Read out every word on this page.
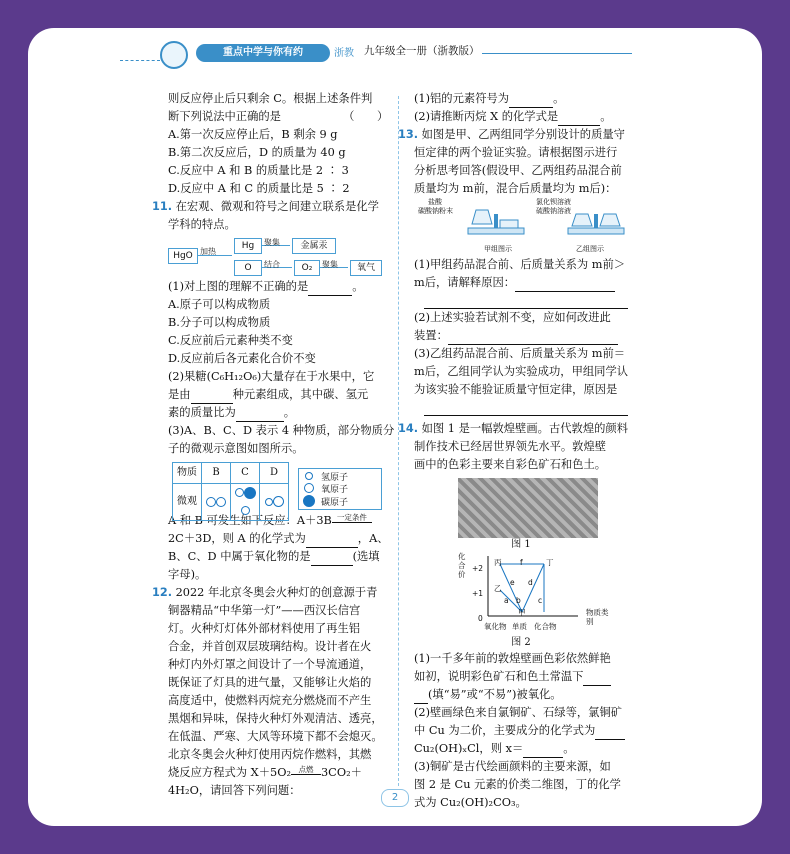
重点中学与你有约	浙教 九年级全一册（浙教版）

则反应停止后只剩余 C。根据上述条件判

断下列说法中正确的是　　　　　　（　　）

A.第一次反应停止后，B 剩余 9 g

B.第二次反应后，D 的质量为 40 g

C.反应中 A 和 B 的质量比是 2 ∶ 3

D.反应中 A 和 C 的质量比是 5 ∶ 2

11. 在宏观、微观和符号之间建立联系是化学

学科的特点。

HgO 加热
Hg
O
聚集	金属汞
结合	O₂	聚集	氧气

(1)对上图的理解不正确的是	。

A.原子可以构成物质

B.分子可以构成物质

C.反应前后元素种类不变

D.反应前后各元素化合价不变

(2)果糖(C₆H₁₂O₆)大量存在于水果中，它

是由	种元素组成，其中碳、氢元

素的质量比为	。

(3)A、B、C、D 表示 4 种物质，部分物质分

子的微观示意图如图所示。

物质	B	C	D
微观			
氢原子
氧原子
碳原子

A 和 B 可发生如下反应：A＋3B 一定条件

2C＋3D，则 A 的化学式为	，A、

B、C、D 中属于氧化物的是	(选填

字母)。

12. 2022 年北京冬奥会火种灯的创意源于青

铜器精品“中华第一灯”——西汉长信宫

灯。火种灯灯体外部材料使用了再生铝

合金，并首创双层玻璃结构。设计者在火

种灯内外灯罩之间设计了一个导流通道，

既保证了灯具的进气量，又能够让火焰的

高度适中，使燃料丙烷充分燃烧而不产生

黑烟和异味，保持火种灯外观清洁、透亮，

在低温、严寒、大风等环境下都不会熄灭。

北京冬奥会火种灯使用丙烷作燃料，其燃

烧反应方程式为 X＋5O₂ 点燃 3CO₂＋

4H₂O，请回答下列问题：

(1)铝的元素符号为	。

(2)请推断丙烷 X 的化学式是	。

13. 如图是甲、乙两组同学分别设计的质量守

恒定律的两个验证实验。请根据图示进行

分析思考回答(假设甲、乙两组药品混合前

质量均为 m前，混合后质量均为 m后)：

盐酸
碳酸钠粉末
甲组图示
氯化钡溶液
硫酸钠溶液
乙组图示

(1)甲组药品混合前、后质量关系为 m前＞

m后，请解释原因：

(2)上述实验若试剂不变，应如何改进此

装置：

(3)乙组药品混合前、后质量关系为 m前＝

m后，乙组同学认为实验成功，甲组同学认

为该实验不能验证质量守恒定律，原因是

14. 如图 1 是一幅敦煌壁画。古代敦煌的颜料

制作技术已经居世界领先水平。敦煌壁

画中的色彩主要来自彩色矿石和色土。

图 1

化合价
+2
+1
0
丙 f	丁
乙
e d
a b c
甲
氧化物 单质 化合物
物质类别

图 2

(1)一千多年前的敦煌壁画色彩依然鲜艳

如初，说明彩色矿石和色土常温下

(填“易”或“不易”)被氧化。

(2)壁画绿色来自氯铜矿、石绿等，氯铜矿

中 Cu 为二价，主要成分的化学式为

Cu₂(OH)ₓCl，则 x＝	。

(3)铜矿是古代绘画颜料的主要来源，如

图 2 是 Cu 元素的价类二维图，丁的化学

式为 Cu₂(OH)₂CO₃。

2
